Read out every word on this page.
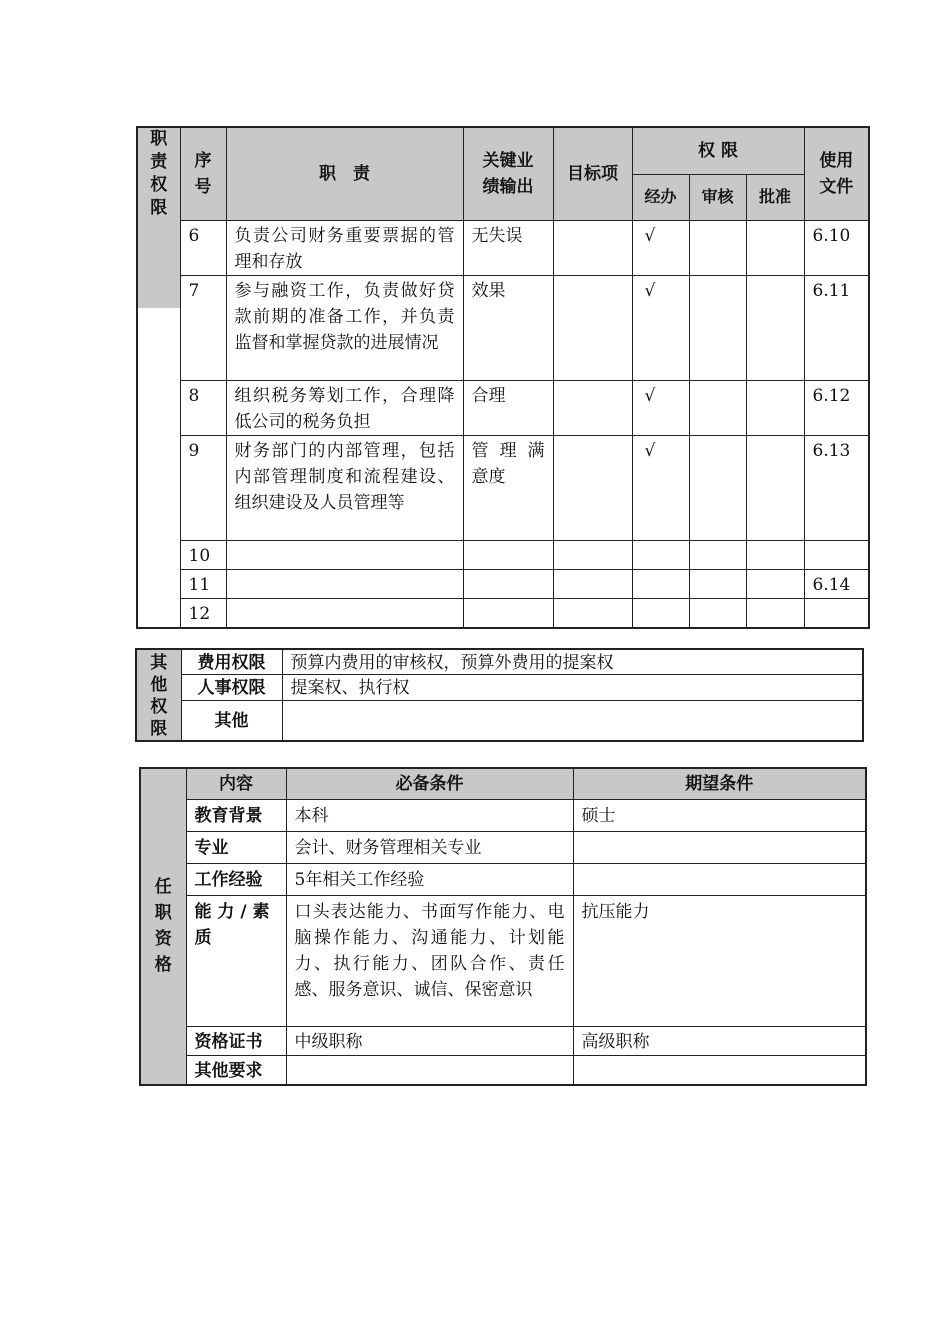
职责权限	序号	职　责	关键业绩输出	目标项	权 限			使用文件

					经办	审核	批准	

	6	负责公司财务重要票据的管理和存放	无失误		√			6.10
	7	参与融资工作，负责做好贷款前期的准备工作，并负责监督和掌握贷款的进展情况	效果		√			6.11
	8	组织税务筹划工作，合理降低公司的税务负担	合理		√			6.12
	9	财务部门的内部管理，包括内部管理制度和流程建设、组织建设及人员管理等	管 理 满 意度		√			6.13
	10							
	11							6.14
	12							
其他权限	费用权限	预算内费用的审核权，预算外费用的提案权
	人事权限	提案权、执行权
	其他	
任职资格	内容	必备条件	期望条件
	教育背景	本科	硕士
	专业	会计、财务管理相关专业	
	工作经验	5年相关工作经验	
	能 力 / 素 质	口头表达能力、书面写作能力、电脑操作能力、沟通能力、计划能力、执行能力、团队合作、责任感、服务意识、诚信、保密意识	抗压能力
	资格证书	中级职称	高级职称
	其他要求		
